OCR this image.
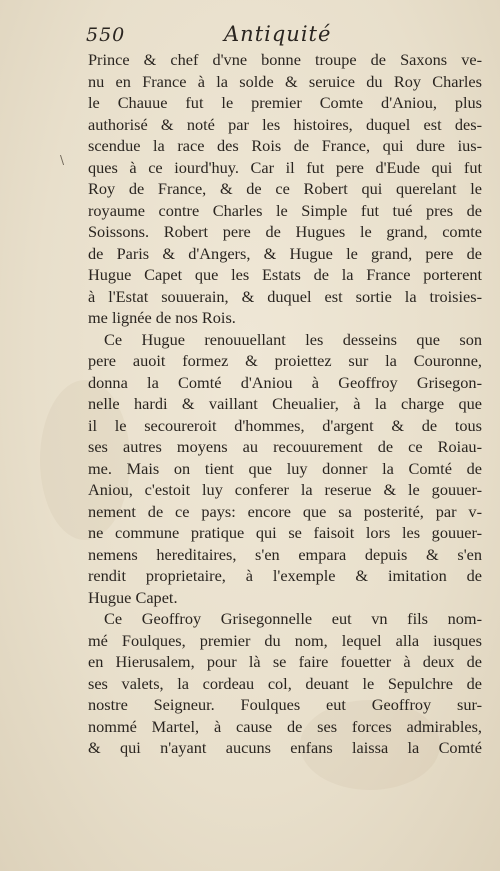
550	Antiquité
\
Prince & chef d'vne bonne troupe de Saxons ve-
nu en France à la solde & seruice du Roy Charles
le Chauue fut le premier Comte d'Aniou, plus
authorisé & noté par les histoires, duquel est des-
scendue la race des Rois de France, qui dure ius-
ques à ce iourd'huy. Car il fut pere d'Eude qui fut
Roy de France, & de ce Robert qui querelant le
royaume contre Charles le Simple fut tué pres de
Soissons. Robert pere de Hugues le grand, comte
de Paris & d'Angers, & Hugue le grand, pere de
Hugue Capet que les Estats de la France porterent
à l'Estat souuerain, & duquel est sortie la troisies-
me lignée de nos Rois.
Ce Hugue renouuellant les desseins que son
pere auoit formez & proiettez sur la Couronne,
donna la Comté d'Aniou à Geoffroy Grisegon-
nelle hardi & vaillant Cheualier, à la charge que
il le secoureroit d'hommes, d'argent & de tous
ses autres moyens au recouurement de ce Roiau-
me. Mais on tient que luy donner la Comté de
Aniou, c'estoit luy conferer la reserue & le gouuer-
nement de ce pays: encore que sa posterité, par v-
ne commune pratique qui se faisoit lors les gouuer-
nemens hereditaires, s'en empara depuis & s'en
rendit proprietaire, à l'exemple & imitation de
Hugue Capet.
Ce Geoffroy Grisegonnelle eut vn fils nom-
mé Foulques, premier du nom, lequel alla iusques
en Hierusalem, pour là se faire fouetter à deux de
ses valets, la cordeau col, deuant le Sepulchre de
nostre Seigneur. Foulques eut Geoffroy sur-
nommé Martel, à cause de ses forces admirables,
& qui n'ayant aucuns enfans laissa la Comté
